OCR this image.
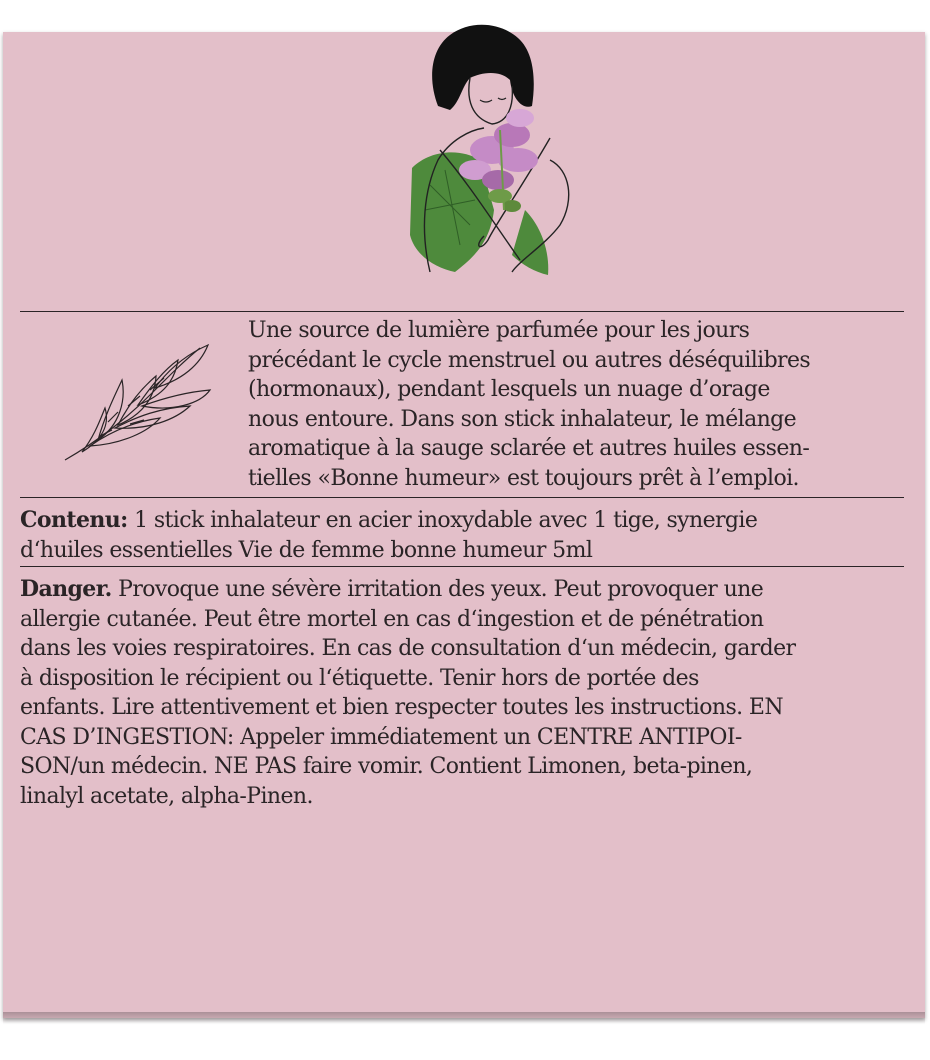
Une source de lumière parfumée pour les jours
précédant le cycle menstruel ou autres déséquilibres
(hormonaux), pendant lesquels un nuage d’orage
nous entoure. Dans son stick inhalateur, le mélange
aromatique à la sauge sclarée et autres huiles essen-
tielles «Bonne humeur» est toujours prêt à l’emploi.
Contenu: 1 stick inhalateur en acier inoxydable avec 1 tige, synergie
d‘huiles essentielles Vie de femme bonne humeur 5ml
Danger. Provoque une sévère irritation des yeux. Peut provoquer une
allergie cutanée. Peut être mortel en cas d‘ingestion et de pénétration
dans les voies respiratoires. En cas de consultation d‘un médecin, garder
à disposition le récipient ou l‘étiquette. Tenir hors de portée des
enfants. Lire attentivement et bien respecter toutes les instructions. EN
CAS D’INGESTION: Appeler immédiatement un CENTRE ANTIPOI-
SON/un médecin. NE PAS faire vomir. Contient Limonen, beta-pinen,
linalyl acetate, alpha-Pinen.
